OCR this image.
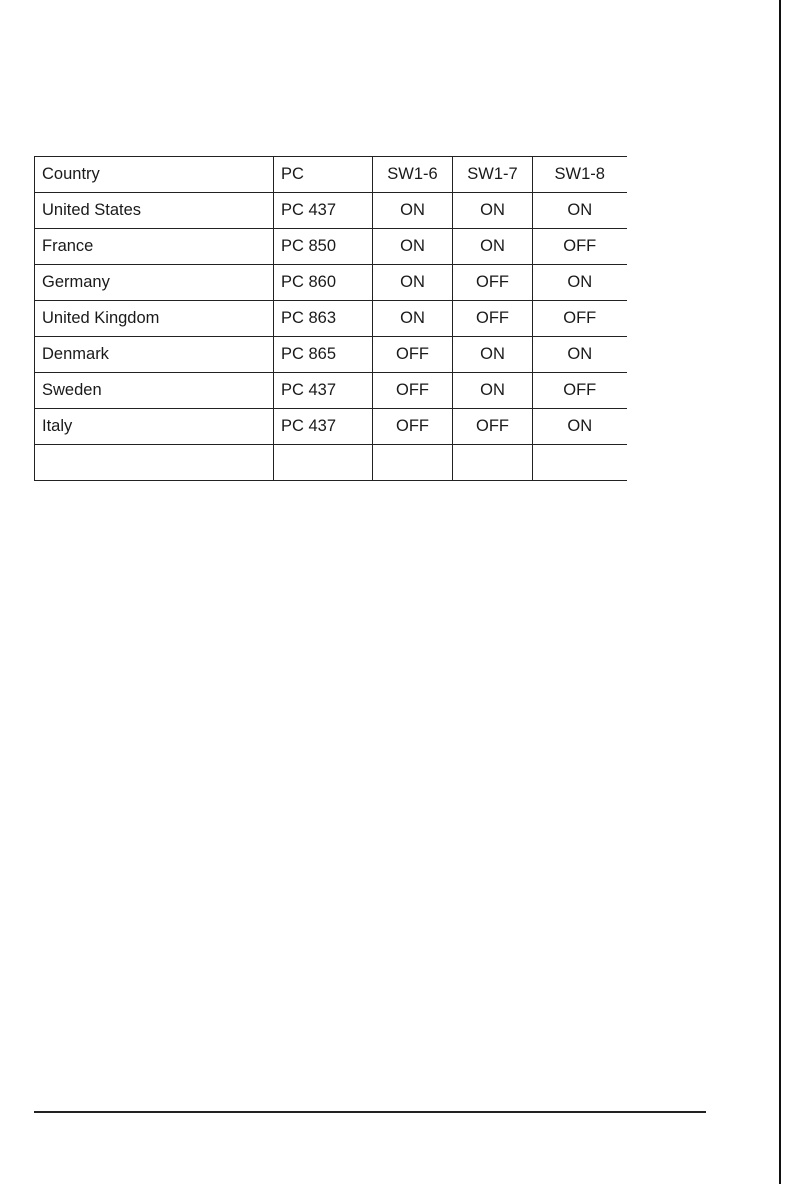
Country	PC	SW1-6	SW1-7	SW1-8
United States	PC 437	ON	ON	ON
France	PC 850	ON	ON	OFF
Germany	PC 860	ON	OFF	ON
United Kingdom	PC 863	ON	OFF	OFF
Denmark	PC 865	OFF	ON	ON
Sweden	PC 437	OFF	ON	OFF
Italy	PC 437	OFF	OFF	ON
